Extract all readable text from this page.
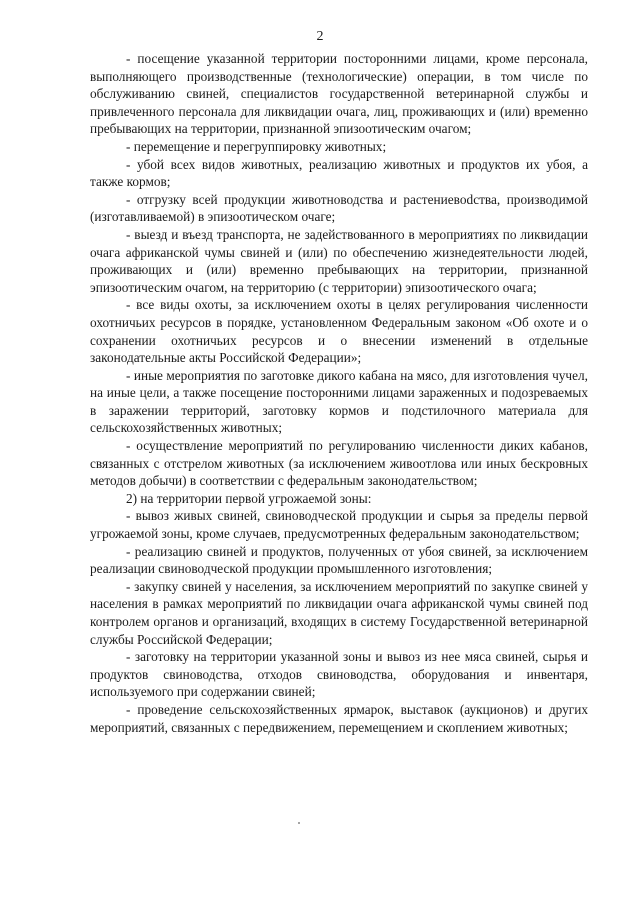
2

- посещение указанной территории посторонними лицами, кроме персонала, выполняющего производственные (технологические) операции, в том числе по обслуживанию свиней, специалистов государственной ветеринарной службы и привлеченного персонала для ликвидации очага, лиц, проживающих и (или) временно пребывающих на территории, признанной эпизоотическим очагом;

- перемещение и перегруппировку животных;

- убой всех видов животных, реализацию животных и продуктов их убоя, а также кормов;

- отгрузку всей продукции животноводства и растениевodства, производимой (изготавливаемой) в эпизоотическом очаге;

- выезд и въезд транспорта, не задействованного в мероприятиях по ликвидации очага африканской чумы свиней и (или) по обеспечению жизнедеятельности людей, проживающих и (или) временно пребывающих на территории, признанной эпизоотическим очагом, на территорию (с территории) эпизоотического очага;

- все виды охоты, за исключением охоты в целях регулирования численности охотничьих ресурсов в порядке, установленном Федеральным законом «Об охоте и о сохранении охотничьих ресурсов и о внесении изменений в отдельные законодательные акты Российской Федерации»;

- иные мероприятия по заготовке дикого кабана на мясо, для изготовления чучел, на иные цели, а также посещение посторонними лицами зараженных и подозреваемых в заражении территорий, заготовку кормов и подстилочного материала для сельскохозяйственных животных;

- осуществление мероприятий по регулированию численности диких кабанов, связанных с отстрелом животных (за исключением живоотлова или иных бескровных методов добычи) в соответствии с федеральным законодательством;

2) на территории первой угрожаемой зоны:

- вывоз живых свиней, свиноводческой продукции и сырья за пределы первой угрожаемой зоны, кроме случаев, предусмотренных федеральным законодательством;

- реализацию свиней и продуктов, полученных от убоя свиней, за исключением реализации свиноводческой продукции промышленного изготовления;

- закупку свиней у населения, за исключением мероприятий по закупке свиней у населения в рамках мероприятий по ликвидации очага африканской чумы свиней под контролем органов и организаций, входящих в систему Государственной ветеринарной службы Российской Федерации;

- заготовку на территории указанной зоны и вывоз из нее мяса свиней, сырья и продуктов свиноводства, отходов свиноводства, оборудования и инвентаря, используемого при содержании свиней;

- проведение сельскохозяйственных ярмарок, выставок (аукционов) и других мероприятий, связанных с передвижением, перемещением и скоплением животных;
